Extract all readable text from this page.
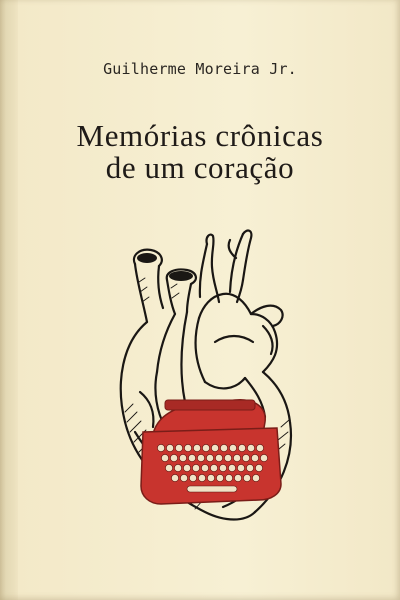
Guilherme Moreira Jr.
Memórias crônicas
de um coração
